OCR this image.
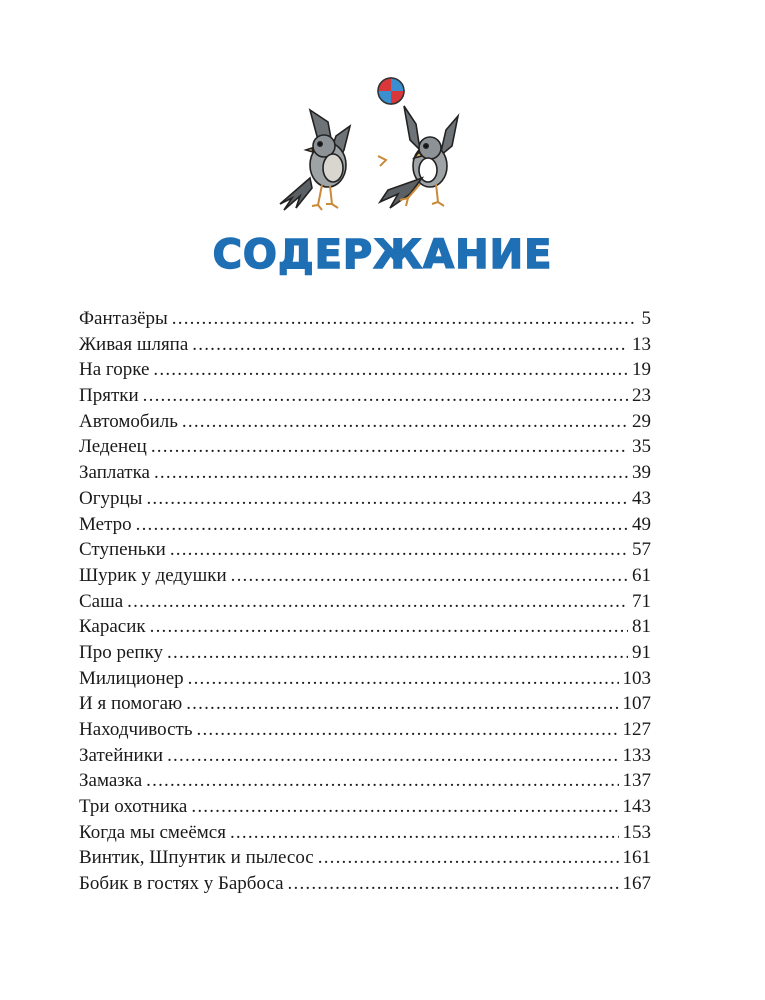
СОДЕРЖАНИЕ
Фантазёры .....	5
Живая шляпа .....	13
На горке .....	19
Прятки .....	23
Автомобиль .....	29
Леденец .....	35
Заплатка .....	39
Огурцы .....	43
Метро .....	49
Ступеньки .....	57
Шурик у дедушки .....	61
Саша .....	71
Карасик .....	81
Про репку .....	91
Милиционер .....	103
И я помогаю .....	107
Находчивость .....	127
Затейники .....	133
Замазка .....	137
Три охотника .....	143
Когда мы смеёмся .....	153
Винтик, Шпунтик и пылесос .....	161
Бобик в гостях у Барбоса .....	167
